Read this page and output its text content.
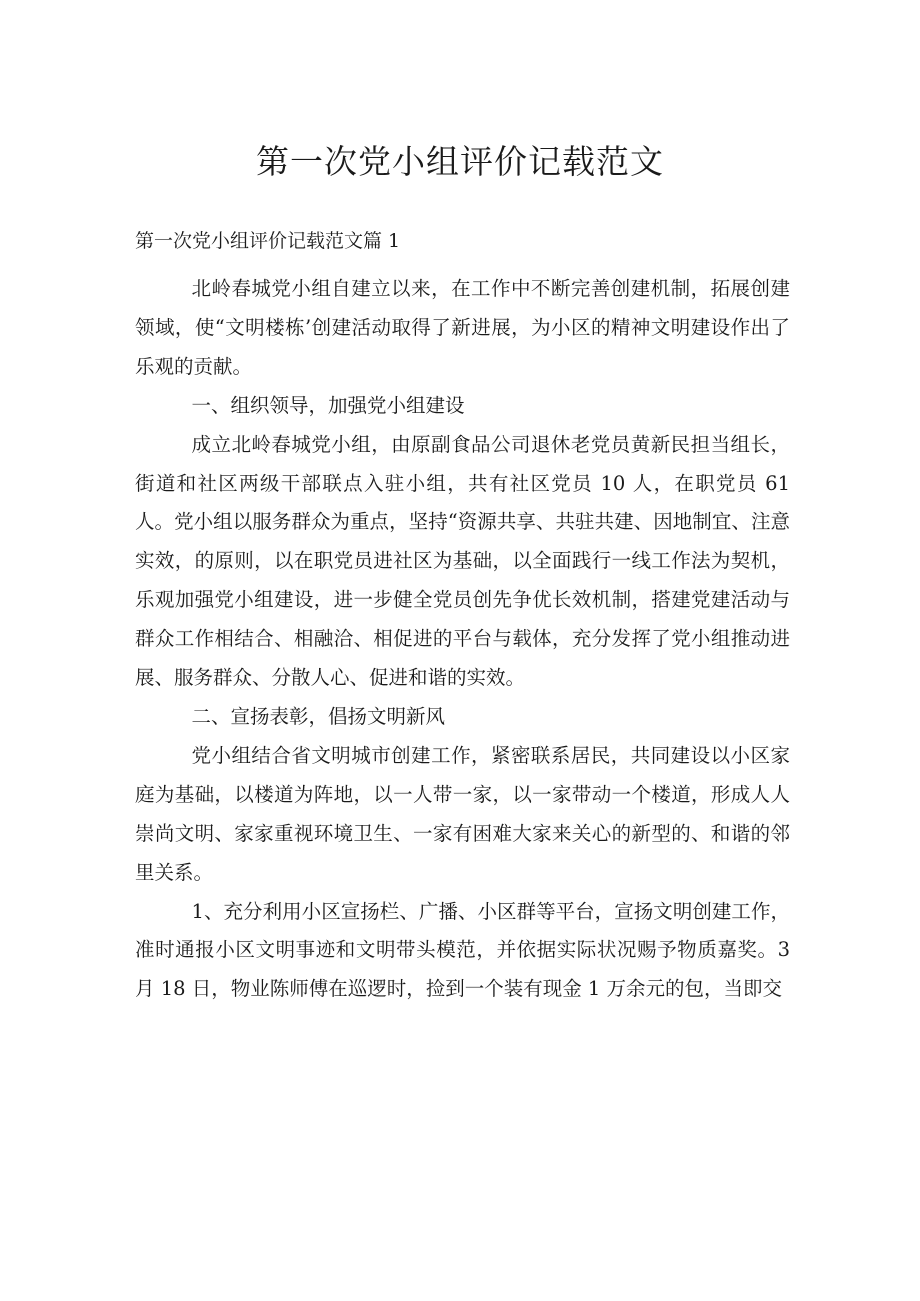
第一次党小组评价记载范文

第一次党小组评价记载范文篇 1

北岭春城党小组自建立以来，在工作中不断完善创建机制，拓展创建领域，使“文明楼栋’创建活动取得了新进展，为小区的精神文明建设作出了乐观的贡献。

一、组织领导，加强党小组建设

成立北岭春城党小组，由原副食品公司退休老党员黄新民担当组长，街道和社区两级干部联点入驻小组，共有社区党员 10 人，在职党员 61 人。党小组以服务群众为重点，坚持“资源共享、共驻共建、因地制宜、注意实效，的原则，以在职党员进社区为基础，以全面践行一线工作法为契机，乐观加强党小组建设，进一步健全党员创先争优长效机制，搭建党建活动与群众工作相结合、相融洽、相促进的平台与载体，充分发挥了党小组推动进展、服务群众、分散人心、促进和谐的实效。

二、宣扬表彰，倡扬文明新风

党小组结合省文明城市创建工作，紧密联系居民，共同建设以小区家庭为基础，以楼道为阵地，以一人带一家，以一家带动一个楼道，形成人人崇尚文明、家家重视环境卫生、一家有困难大家来关心的新型的、和谐的邻里关系。

1、充分利用小区宣扬栏、广播、小区群等平台，宣扬文明创建工作，准时通报小区文明事迹和文明带头模范，并依据实际状况赐予物质嘉奖。3 月 18 日，物业陈师傅在巡逻时，捡到一个装有现金 1 万余元的包，当即交
